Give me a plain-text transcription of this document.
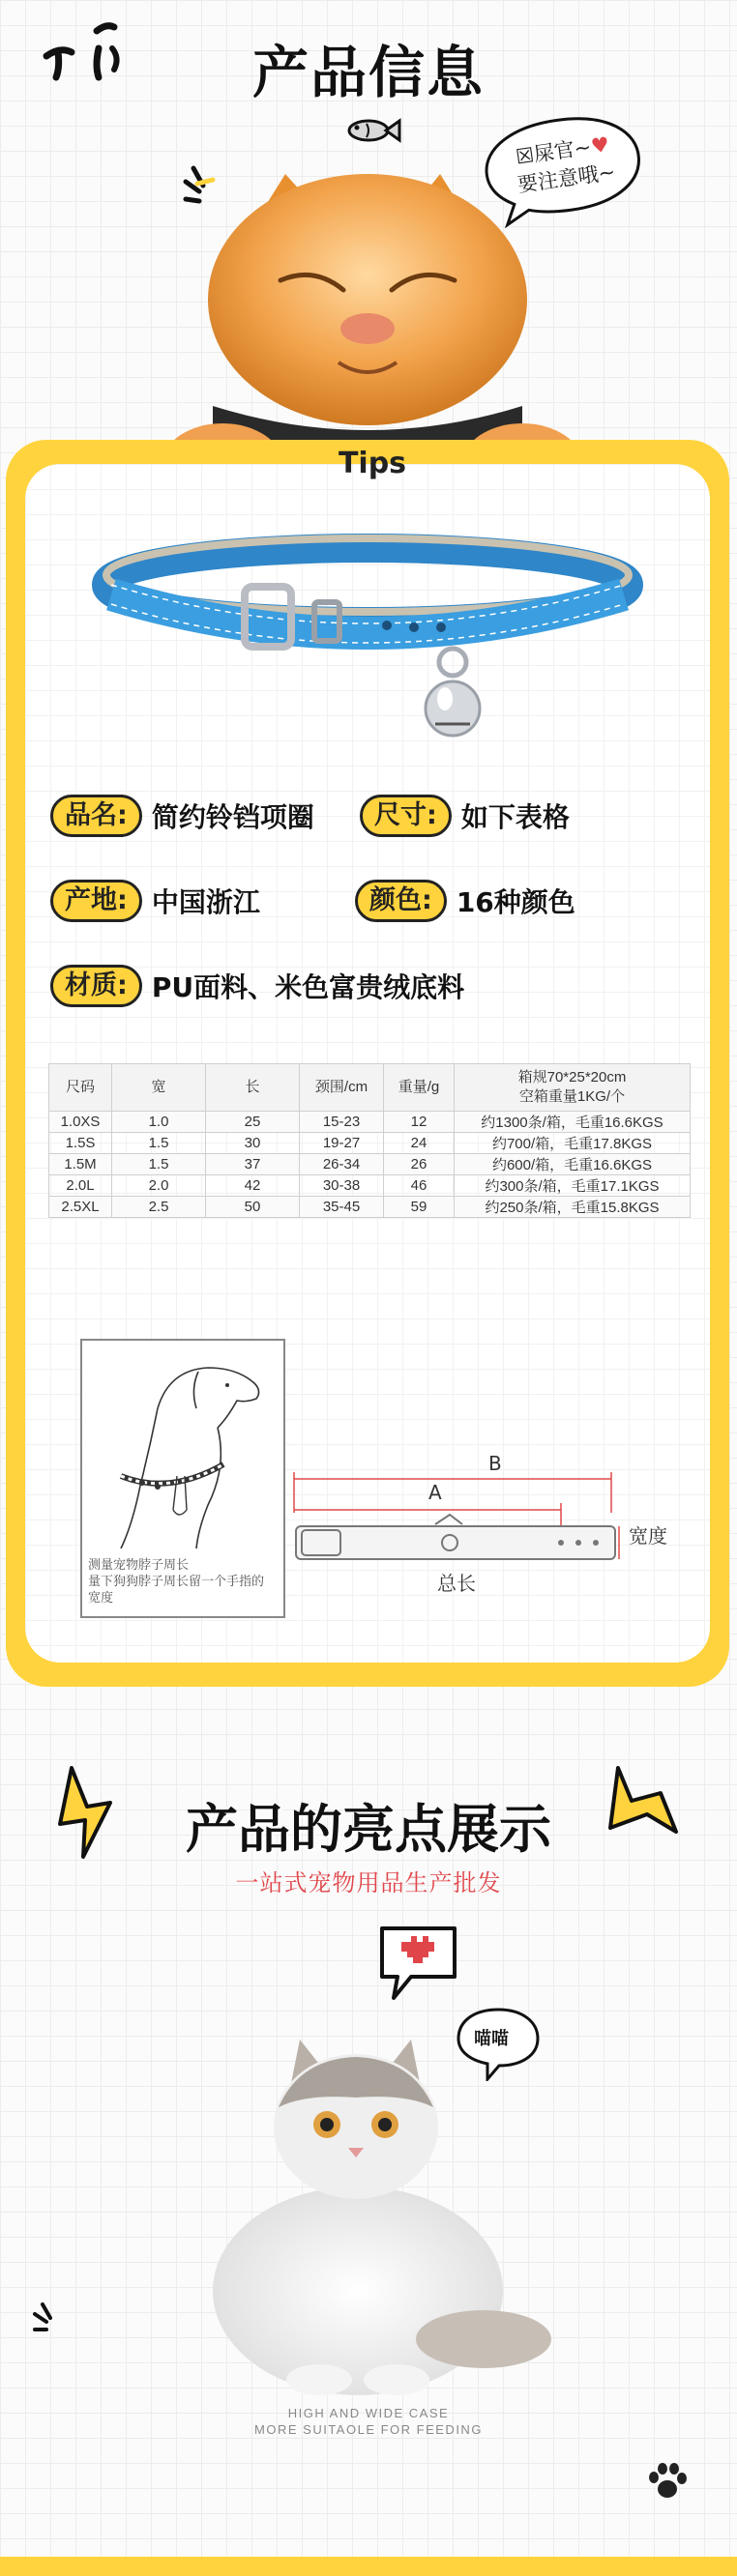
产品信息
☒屎官~♥
要注意哦~
Tips
品名: 简约铃铛项圈	尺寸: 如下表格
产地: 中国浙江	颜色: 16种颜色
材质: PU面料、米色富贵绒底料
尺码	宽	长	颈围/cm	重量/g	箱规70*25*20cm
空箱重量1KG/个
1.0XS	1.0	25	15-23	12	约1300条/箱，毛重16.6KGS
1.5S	1.5	30	19-27	24	约700/箱，毛重17.8KGS
1.5M	1.5	37	26-34	26	约600/箱，毛重16.6KGS
2.0L	2.0	42	30-38	46	约300条/箱，毛重17.1KGS
2.5XL	2.5	50	35-45	59	约250条/箱，毛重15.8KGS
测量宠物脖子周长
量下狗狗脖子周长留一个手指的
宽度
B
A
宽度
总长
产品的亮点展示
一站式宠物用品生产批发
喵喵
HIGH AND WIDE CASE
MORE SUITAOLE FOR FEEDING
